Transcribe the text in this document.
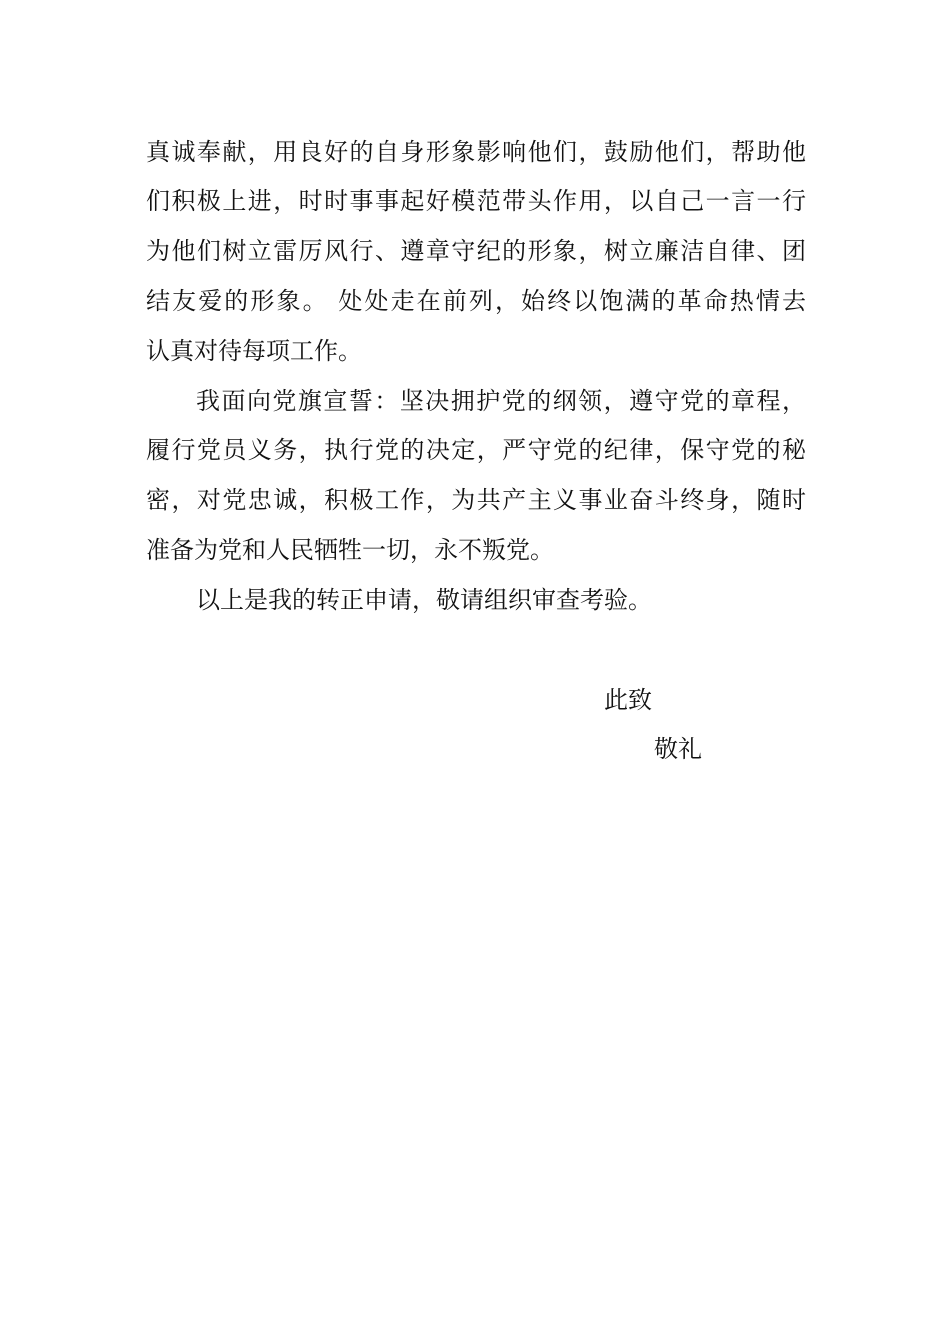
真诚奉献，用良好的自身形象影响他们，鼓励他们，帮助他

们积极上进，时时事事起好模范带头作用，以自己一言一行

为他们树立雷厉风行、遵章守纪的形象，树立廉洁自律、团

结友爱的形象。 处处走在前列，始终以饱满的革命热情去

认真对待每项工作。

我面向党旗宣誓：坚决拥护党的纲领，遵守党的章程，

履行党员义务，执行党的决定，严守党的纪律，保守党的秘

密，对党忠诚，积极工作，为共产主义事业奋斗终身，随时

准备为党和人民牺牲一切，永不叛党。

以上是我的转正申请，敬请组织审查考验。

此致
敬礼
